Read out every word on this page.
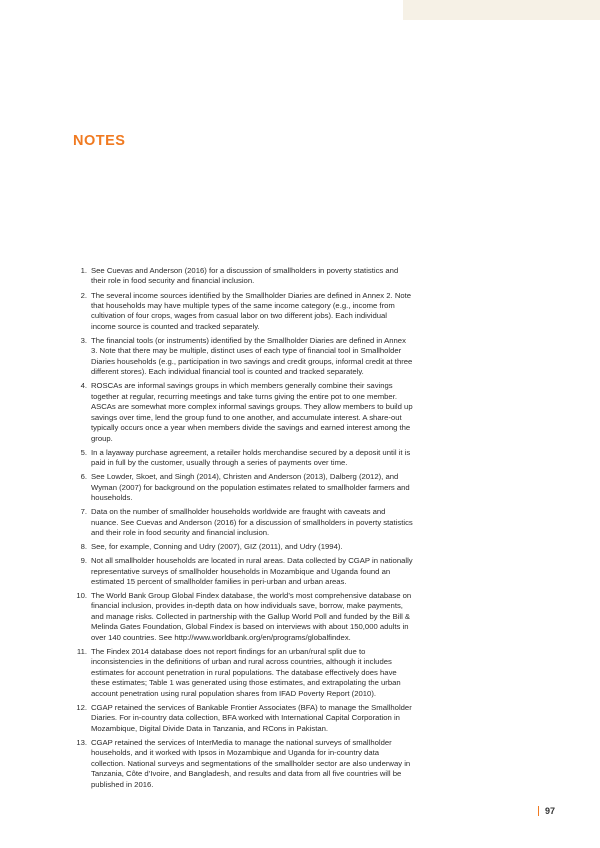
NOTES
1. See Cuevas and Anderson (2016) for a discussion of smallholders in poverty statistics and their role in food security and financial inclusion.
2. The several income sources identified by the Smallholder Diaries are defined in Annex 2. Note that households may have multiple types of the same income category (e.g., income from cultivation of four crops, wages from casual labor on two different jobs). Each individual income source is counted and tracked separately.
3. The financial tools (or instruments) identified by the Smallholder Diaries are defined in Annex 3. Note that there may be multiple, distinct uses of each type of financial tool in Smallholder Diaries households (e.g., participation in two savings and credit groups, informal credit at three different stores). Each individual financial tool is counted and tracked separately.
4. ROSCAs are informal savings groups in which members generally combine their savings together at regular, recurring meetings and take turns giving the entire pot to one member. ASCAs are somewhat more complex informal savings groups. They allow members to build up savings over time, lend the group fund to one another, and accumulate interest. A share-out typically occurs once a year when members divide the savings and earned interest among the group.
5. In a layaway purchase agreement, a retailer holds merchandise secured by a deposit until it is paid in full by the customer, usually through a series of payments over time.
6. See Lowder, Skoet, and Singh (2014), Christen and Anderson (2013), Dalberg (2012), and Wyman (2007) for background on the population estimates related to smallholder farmers and households.
7. Data on the number of smallholder households worldwide are fraught with caveats and nuance. See Cuevas and Anderson (2016) for a discussion of smallholders in poverty statistics and their role in food security and financial inclusion.
8. See, for example, Conning and Udry (2007), GIZ (2011), and Udry (1994).
9. Not all smallholder households are located in rural areas. Data collected by CGAP in nationally representative surveys of smallholder households in Mozambique and Uganda found an estimated 15 percent of smallholder families in peri-urban and urban areas.
10. The World Bank Group Global Findex database, the world’s most comprehensive database on financial inclusion, provides in-depth data on how individuals save, borrow, make payments, and manage risks. Collected in partnership with the Gallup World Poll and funded by the Bill & Melinda Gates Foundation, Global Findex is based on interviews with about 150,000 adults in over 140 countries. See http://www.worldbank.org/en/programs/globalfindex.
11. The Findex 2014 database does not report findings for an urban/rural split due to inconsistencies in the definitions of urban and rural across countries, although it includes estimates for account penetration in rural populations. The database effectively does have these estimates; Table 1 was generated using those estimates, and extrapolating the urban account penetration using rural population shares from IFAD Poverty Report (2010).
12. CGAP retained the services of Bankable Frontier Associates (BFA) to manage the Smallholder Diaries. For in-country data collection, BFA worked with International Capital Corporation in Mozambique, Digital Divide Data in Tanzania, and RCons in Pakistan.
13. CGAP retained the services of InterMedia to manage the national surveys of smallholder households, and it worked with Ipsos in Mozambique and Uganda for in-country data collection. National surveys and segmentations of the smallholder sector are also underway in Tanzania, Côte d’Ivoire, and Bangladesh, and results and data from all five countries will be published in 2016.
97
